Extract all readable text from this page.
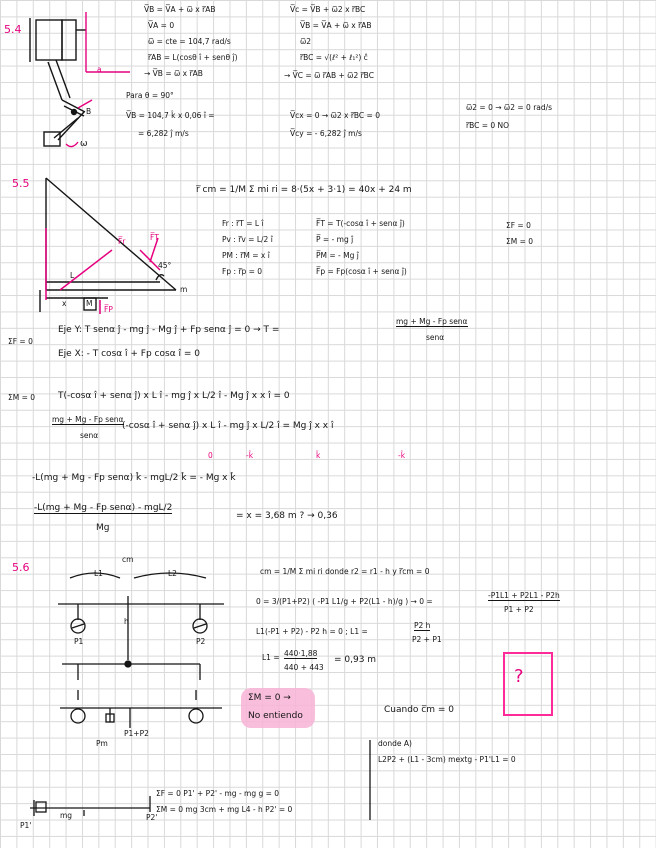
5.4
a
B
ω
V̅B = V̅A + ω̅ x r̅AB
V̅A = 0
ω̅ = cte = 104,7 rad/s
r̅AB = L(cosθ î + senθ ĵ)
→ V̅B = ω̅ x r̅AB
Para θ = 90°
V̅B = 104,7 k̂ x 0,06 î =
= 6,282 ĵ m/s
V̅c = V̅B + ω̅2 x r̅BC
V̅B = V̅A + ω̅ x r̅AB
ω̅2
r̅BC = √(ℓ² + ℓ₁²) ĉ
→ V̅C = ω̅ r̅AB + ω̅2 r̅BC
V̅cx = 0 → ω̅2 x r̅BC = 0
V̅cy = - 6,282 ĵ m/s
ω̅2 = 0 → ω̅2 = 0 rad/s
r̅BC = 0 NO
5.5
F̅r	F̅T
45°
L
x	M
m
F̅P
r̅ cm = 1/M Σ mi ri = 8·(5x + 3·1) = 40x + 24 m
Fr : r̅T = L î
Pv : r̅v = L/2 î
PM : r̅M = x î
Fp : r̅p = 0
F̅T = T(-cosα î + senα ĵ)
P̅ = - mg ĵ
P̅M = - Mg ĵ
F̅p = Fp(cosα î + senα ĵ)
ΣF = 0
ΣM = 0
ΣF = 0
Eje Y: T senα ĵ - mg ĵ - Mg ĵ + Fp senα ĵ = 0 → T =
mg + Mg - Fp senα
senα
Eje X: - T cosα î + Fp cosα î = 0
ΣM = 0	T(-cosα î + senα ĵ) x L î - mg ĵ x L/2 î - Mg ĵ x x î = 0
mg + Mg - Fp senα
senα
(-cosα î + senα ĵ) x L î - mg ĵ x L/2 î = Mg ĵ x x î
0	-k̂	k̂	-k̂
-L(mg + Mg - Fp senα) k̂ - mgL/2 k̂ = - Mg x k̂
-L(mg + Mg - Fp senα) - mgL/2
Mg
= x = 3,68 m ? → 0,36
5.6	L1
cm
L2
h
P1	P2
Pm
P1+P2
mg
P1'
P2'
cm = 1/M Σ mi ri donde r2 = r1 - h y r̅cm = 0
0 = 3/(P1+P2) ( -P1 L1/g + P2(L1 - h)/g ) → 0 =
-P1L1 + P2L1 - P2h
P1 + P2
L1(-P1 + P2) - P2 h = 0 ; L1 =
P2 h
P2 + P1
L1 = 440·1,88
440 + 443
= 0,93 m
ΣM = 0 →
No entiendo
Cuando c̅m = 0
?
donde A)
L2P2 + (L1 - 3cm) mextg - P1'L1 = 0
ΣF = 0 P1' + P2' - mg - mg g = 0
ΣM = 0 mg 3cm + mg L4 - h P2' = 0
